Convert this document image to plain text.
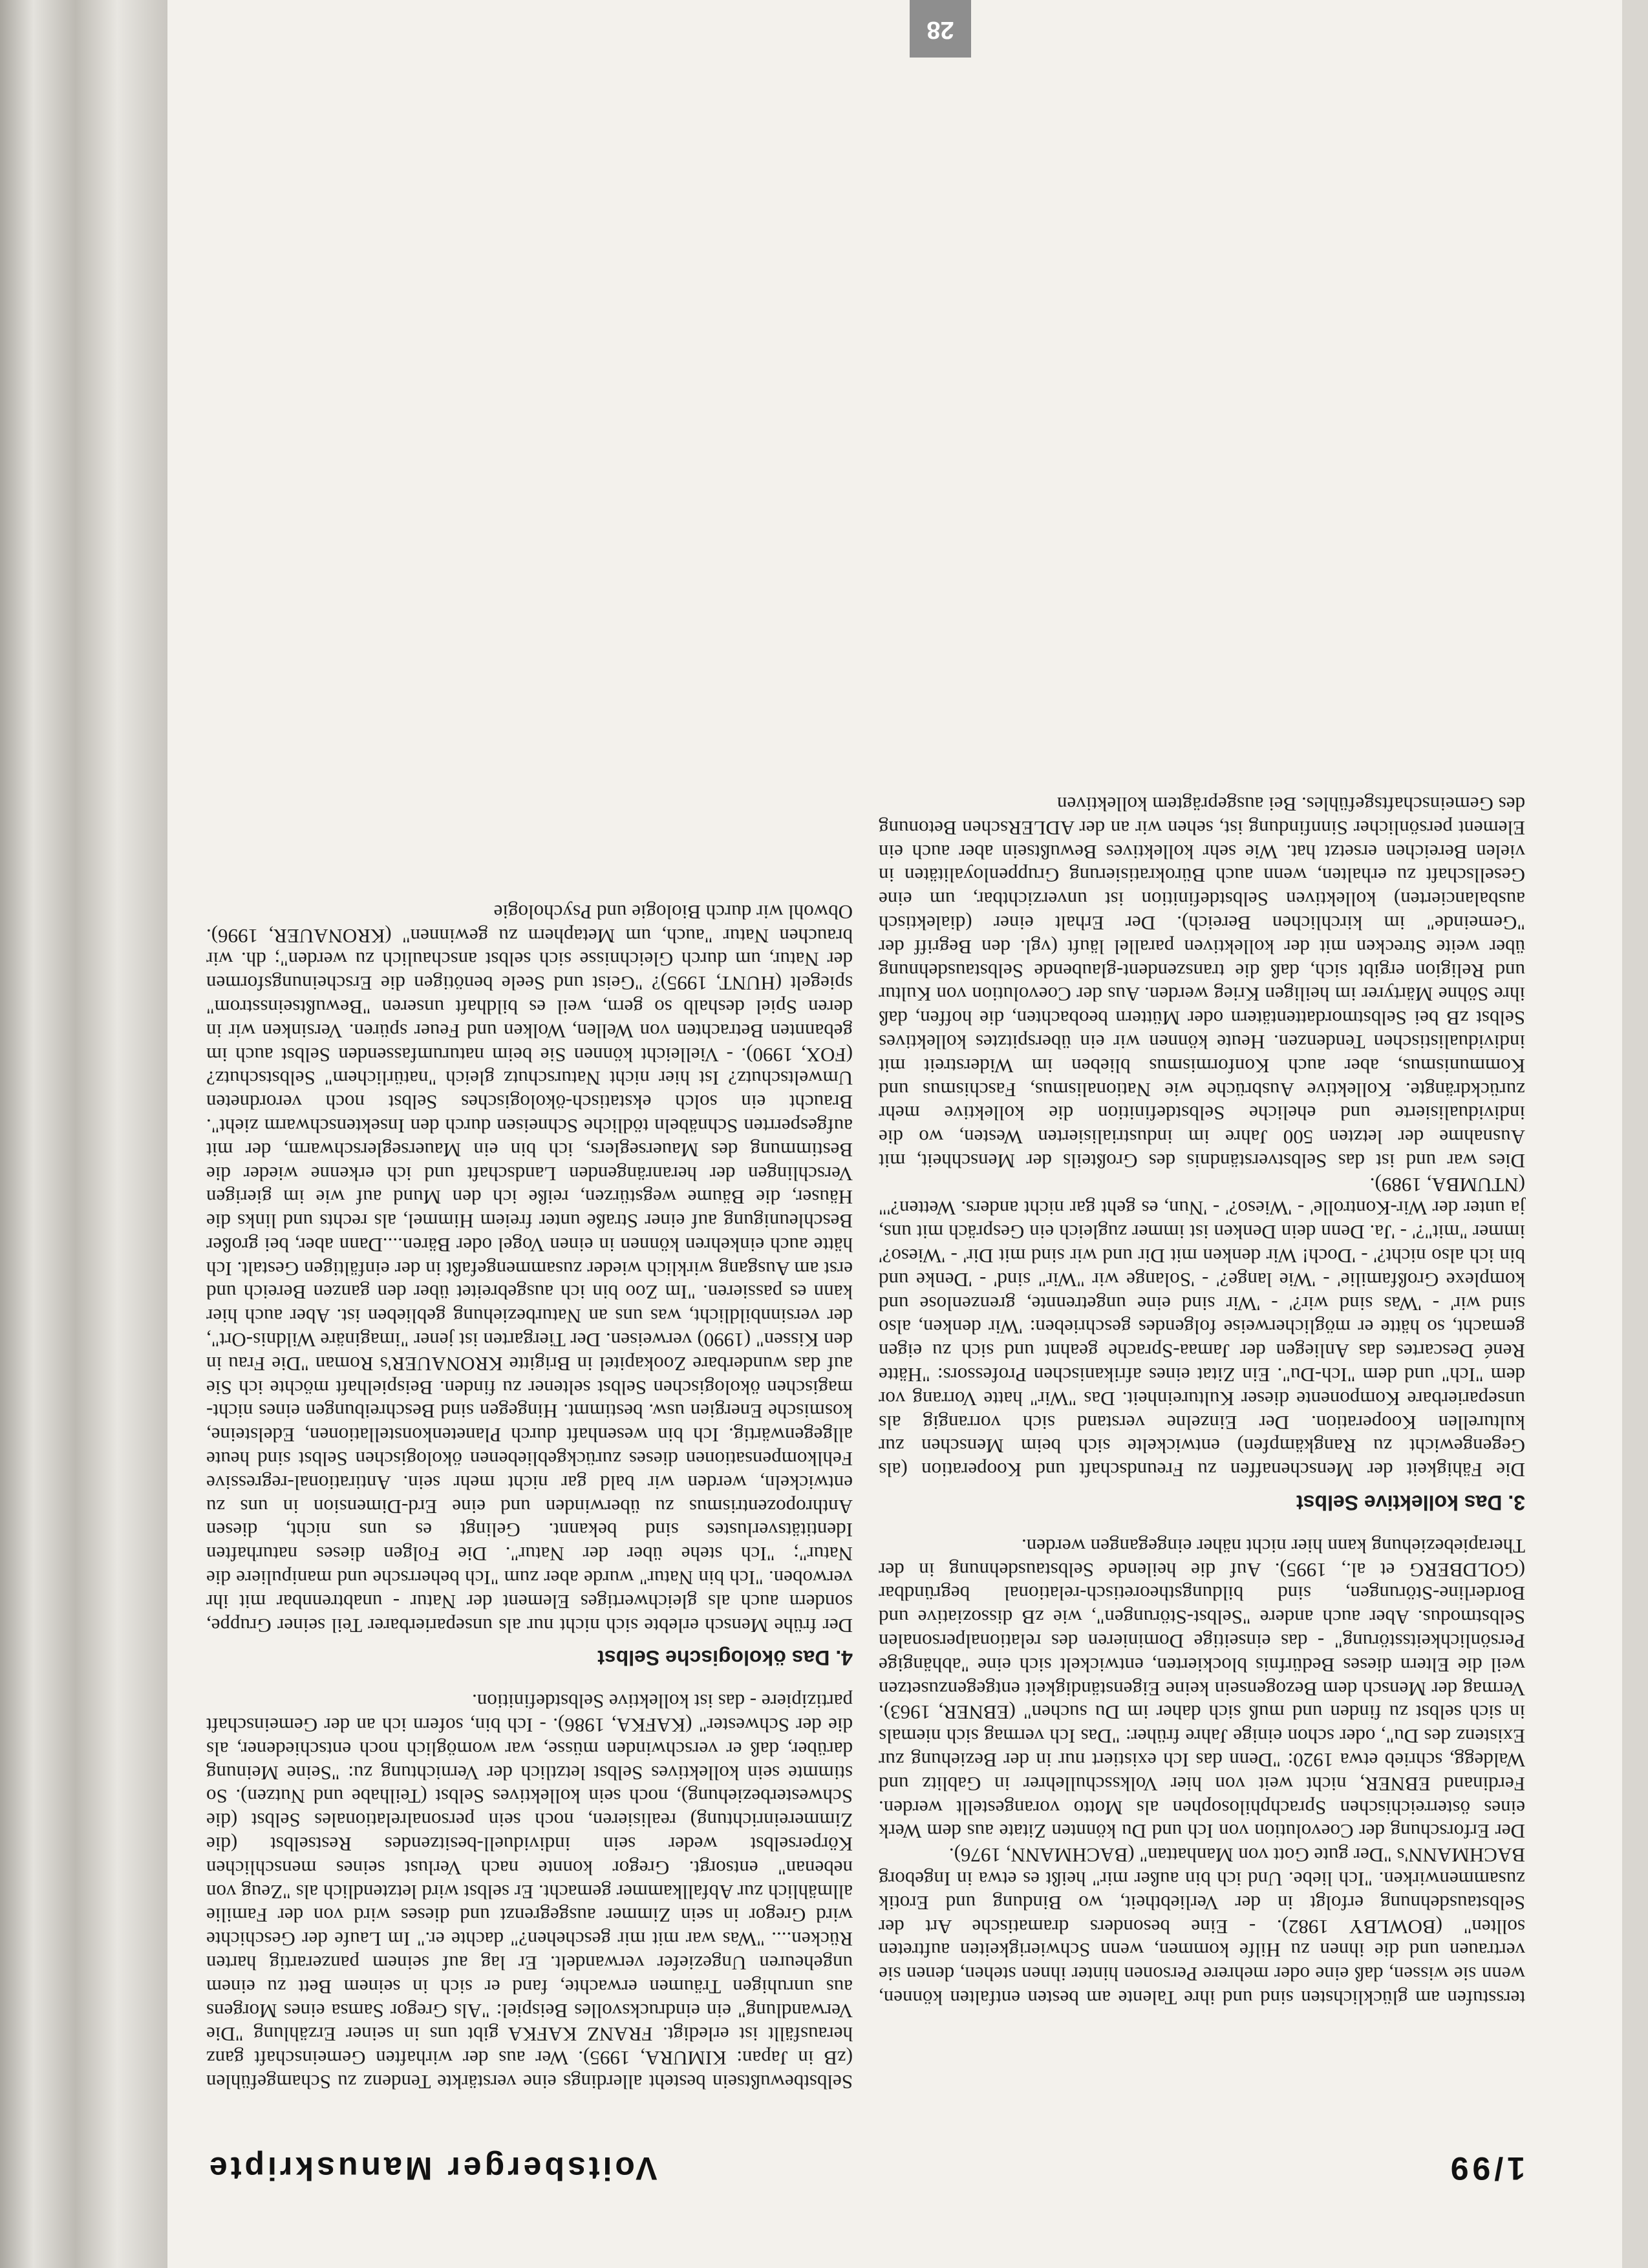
1/99
Voitsberger Manuskripte
tersstufen am glücklichsten sind und ihre Talente am besten entfalten können, wenn sie wissen, daß eine oder mehrere Personen hinter ihnen stehen, denen sie vertrauen und die ihnen zu Hilfe kommen, wenn Schwierigkeiten auftreten sollten" (BOWLBY 1982). - Eine besonders dramatische Art der Selbstausdehnung erfolgt in der Verliebtheit, wo Bindung und Erotik zusammenwirken. "Ich liebe. Und ich bin außer mir" heißt es etwa in Ingeborg BACHMANN's "Der gute Gott von Manhattan" (BACHMANN, 1976).
Der Erforschung der Coevolution von Ich und Du könnten Zitate aus dem Werk eines österreichischen Sprachphilosophen als Motto vorangestellt werden. Ferdinand EBNER, nicht weit von hier Volksschullehrer in Gablitz und Waldegg, schrieb etwa 1920: "Denn das Ich existiert nur in der Beziehung zur Existenz des Du", oder schon einige Jahre früher: "Das Ich vermag sich niemals in sich selbst zu finden und muß sich daher im Du suchen" (EBNER, 1963). Vermag der Mensch dem Bezogensein keine Eigenständigkeit entgegenzusetzen weil die Eltern dieses Bedürfnis blockierten, entwickelt sich eine "abhängige Persönlichkeitsstörung" - das einseitige Dominieren des relationalpersonalen Selbstmodus. Aber auch andere "Selbst-Störungen", wie zB dissoziative und Borderline-Störungen, sind bildungstheoretisch-relational begründbar (GOLDBERG et al., 1995). Auf die heilende Selbstausdehnung in der Therapiebeziehung kann hier nicht näher eingegangen werden.
3. Das kollektive Selbst
Die Fähigkeit der Menschenaffen zu Freundschaft und Kooperation (als Gegengewicht zu Rangkämpfen) entwickelte sich beim Menschen zur kulturellen Kooperation. Der Einzelne verstand sich vorrangig als unseparierbare Komponente dieser Kultureinheit. Das "Wir" hatte Vorrang vor dem "Ich" und dem "Ich-Du". Ein Zitat eines afrikanischen Professors: "Hätte René Descartes das Anliegen der Jamaa-Sprache geahnt und sich zu eigen gemacht, so hätte er möglicherweise folgendes geschrieben: 'Wir denken, also sind wir' - 'Was sind wir?' - 'Wir sind eine ungetrennte, grenzenlose und komplexe Großfamilie' - 'Wie lange?' - 'Solange wir "Wir" sind' - 'Denke und bin ich also nicht?' - 'Doch! Wir denken mit Dir und wir sind mit Dir' - 'Wieso?' immer "mit"?' - 'Ja. Denn dein Denken ist immer zugleich ein Gespräch mit uns, ja unter der Wir-Kontrolle' - 'Wieso?' - 'Nun, es geht gar nicht anders. Wetten?'" (NTUMBA, 1989).
Dies war und ist das Selbstverständnis des Großteils der Menschheit, mit Ausnahme der letzten 500 Jahre im industrialisierten Westen, wo die individualisierte und eheliche Selbstdefinition die kollektive mehr zurückdrängte. Kollektive Ausbrüche wie Nationalismus, Faschismus und Kommunismus, aber auch Konformismus blieben im Widerstreit mit individualistischen Tendenzen. Heute können wir ein überspitztes kollektives Selbst zB bei Selbstmordattentätern oder Müttern beobachten, die hoffen, daß ihre Söhne Märtyrer im heiligen Krieg werden. Aus der Coevolution von Kultur und Religion ergibt sich, daß die transzendent-glaubende Selbstausdehnung über weite Strecken mit der kollektiven parallel läuft (vgl. den Begriff der "Gemeinde" im kirchlichen Bereich). Der Erhalt einer (dialektisch ausbalancierten) kollektiven Selbstdefinition ist unverzichtbar, um eine Gesellschaft zu erhalten, wenn auch Bürokratisierung Gruppenloyalitäten in vielen Bereichen ersetzt hat. Wie sehr kollektives Bewußtsein aber auch ein Element persönlicher Sinnfindung ist, sehen wir an der ADLERschen Betonung des Gemeinschaftsgefühles. Bei ausgeprägtem kollektiven
Selbstbewußtsein besteht allerdings eine verstärkte Tendenz zu Schamgefühlen (zB in Japan: KIMURA, 1995). Wer aus der wirhaften Gemeinschaft ganz herausfällt ist erledigt. FRANZ KAFKA gibt uns in seiner Erzählung "Die Verwandlung" ein eindrucksvolles Beispiel: "Als Gregor Samsa eines Morgens aus unruhigen Träumen erwachte, fand er sich in seinem Bett zu einem ungeheuren Ungeziefer verwandelt. Er lag auf seinem panzerartig harten Rücken.... "Was war mit mir geschehen?" dachte er." Im Laufe der Geschichte wird Gregor in sein Zimmer ausgegrenzt und dieses wird von der Familie allmählich zur Abfallkammer gemacht. Er selbst wird letztendlich als "Zeug von nebenan" entsorgt. Gregor konnte nach Verlust seines menschlichen Körperselbst weder sein individuell-besitzendes Restselbst (die Zimmereinrichtung) realisieren, noch sein personalrelationales Selbst (die Schwesterbeziehung), noch sein kollektives Selbst (Teilhabe und Nutzen). So stimmte sein kollektives Selbst letztlich der Vernichtung zu: "Seine Meinung darüber, daß er verschwinden müsse, war womöglich noch entschiedener, als die der Schwester" (KAFKA, 1986). - Ich bin, sofern ich an der Gemeinschaft partizipiere - das ist kollektive Selbstdefinition.
4. Das ökologische Selbst
Der frühe Mensch erlebte sich nicht nur als unseparierbarer Teil seiner Gruppe, sondern auch als gleichwertiges Element der Natur - unabtrennbar mit ihr verwoben. "Ich bin Natur" wurde aber zum "Ich beherrsche und manipuliere die Natur"; "Ich stehe über der Natur". Die Folgen dieses naturhaften Identitätsverlustes sind bekannt. Gelingt es uns nicht, diesen Anthropozentrismus zu überwinden und eine Erd-Dimension in uns zu entwickeln, werden wir bald gar nicht mehr sein. Antirational-regressive Fehlkompensationen dieses zurückgebliebenen ökologischen Selbst sind heute allgegenwärtig. Ich bin wesenhaft durch Planetenkonstellationen, Edelsteine, kosmische Energien usw. bestimmt. Hingegen sind Beschreibungen eines nicht-magischen ökologischen Selbst seltener zu finden. Beispielhaft möchte ich Sie auf das wunderbare Zookapitel in Brigitte KRONAUER's Roman "Die Frau in den Kissen" (1990) verweisen. Der Tiergarten ist jener "imaginäre Wildnis-Ort", der versinnbildlicht, was uns an Naturbeziehung geblieben ist. Aber auch hier kann es passieren. "Im Zoo bin ich ausgebreitet über den ganzen Bereich und erst am Ausgang wirklich wieder zusammengefaßt in der einfältigen Gestalt. Ich hätte auch einkehren können in einen Vogel oder Bären....Dann aber, bei großer Beschleunigung auf einer Straße unter freiem Himmel, als rechts und links die Häuser, die Bäume wegstürzen, reiße ich den Mund auf wie im gierigen Verschlingen der heranrängenden Landschaft und ich erkenne wieder die Bestimmung des Mauerseglers, ich bin ein Mauerseglerschwarm, der mit aufgesperrten Schnäbeln tödliche Schneisen durch den Insektenschwarm zieht". Braucht ein solch ekstatisch-ökologisches Selbst noch verordneten Umweltschutz? Ist hier nicht Naturschutz gleich "natürlichem" Selbstschutz? (FOX, 1990). - Vielleicht können Sie beim naturumfassenden Selbst auch im gebannten Betrachten von Wellen, Wolken und Feuer spüren. Versinken wir in deren Spiel deshalb so gern, weil es bildhaft unseren "Bewußtseinsstrom" spiegelt (HUNT, 1995)? "Geist und Seele benötigen die Erscheinungsformen der Natur, um durch Gleichnisse sich selbst anschaulich zu werden"; dh. wir brauchen Natur "auch, um Metaphern zu gewinnen" (KRONAUER, 1996). Obwohl wir durch Biologie und Psychologie
28
